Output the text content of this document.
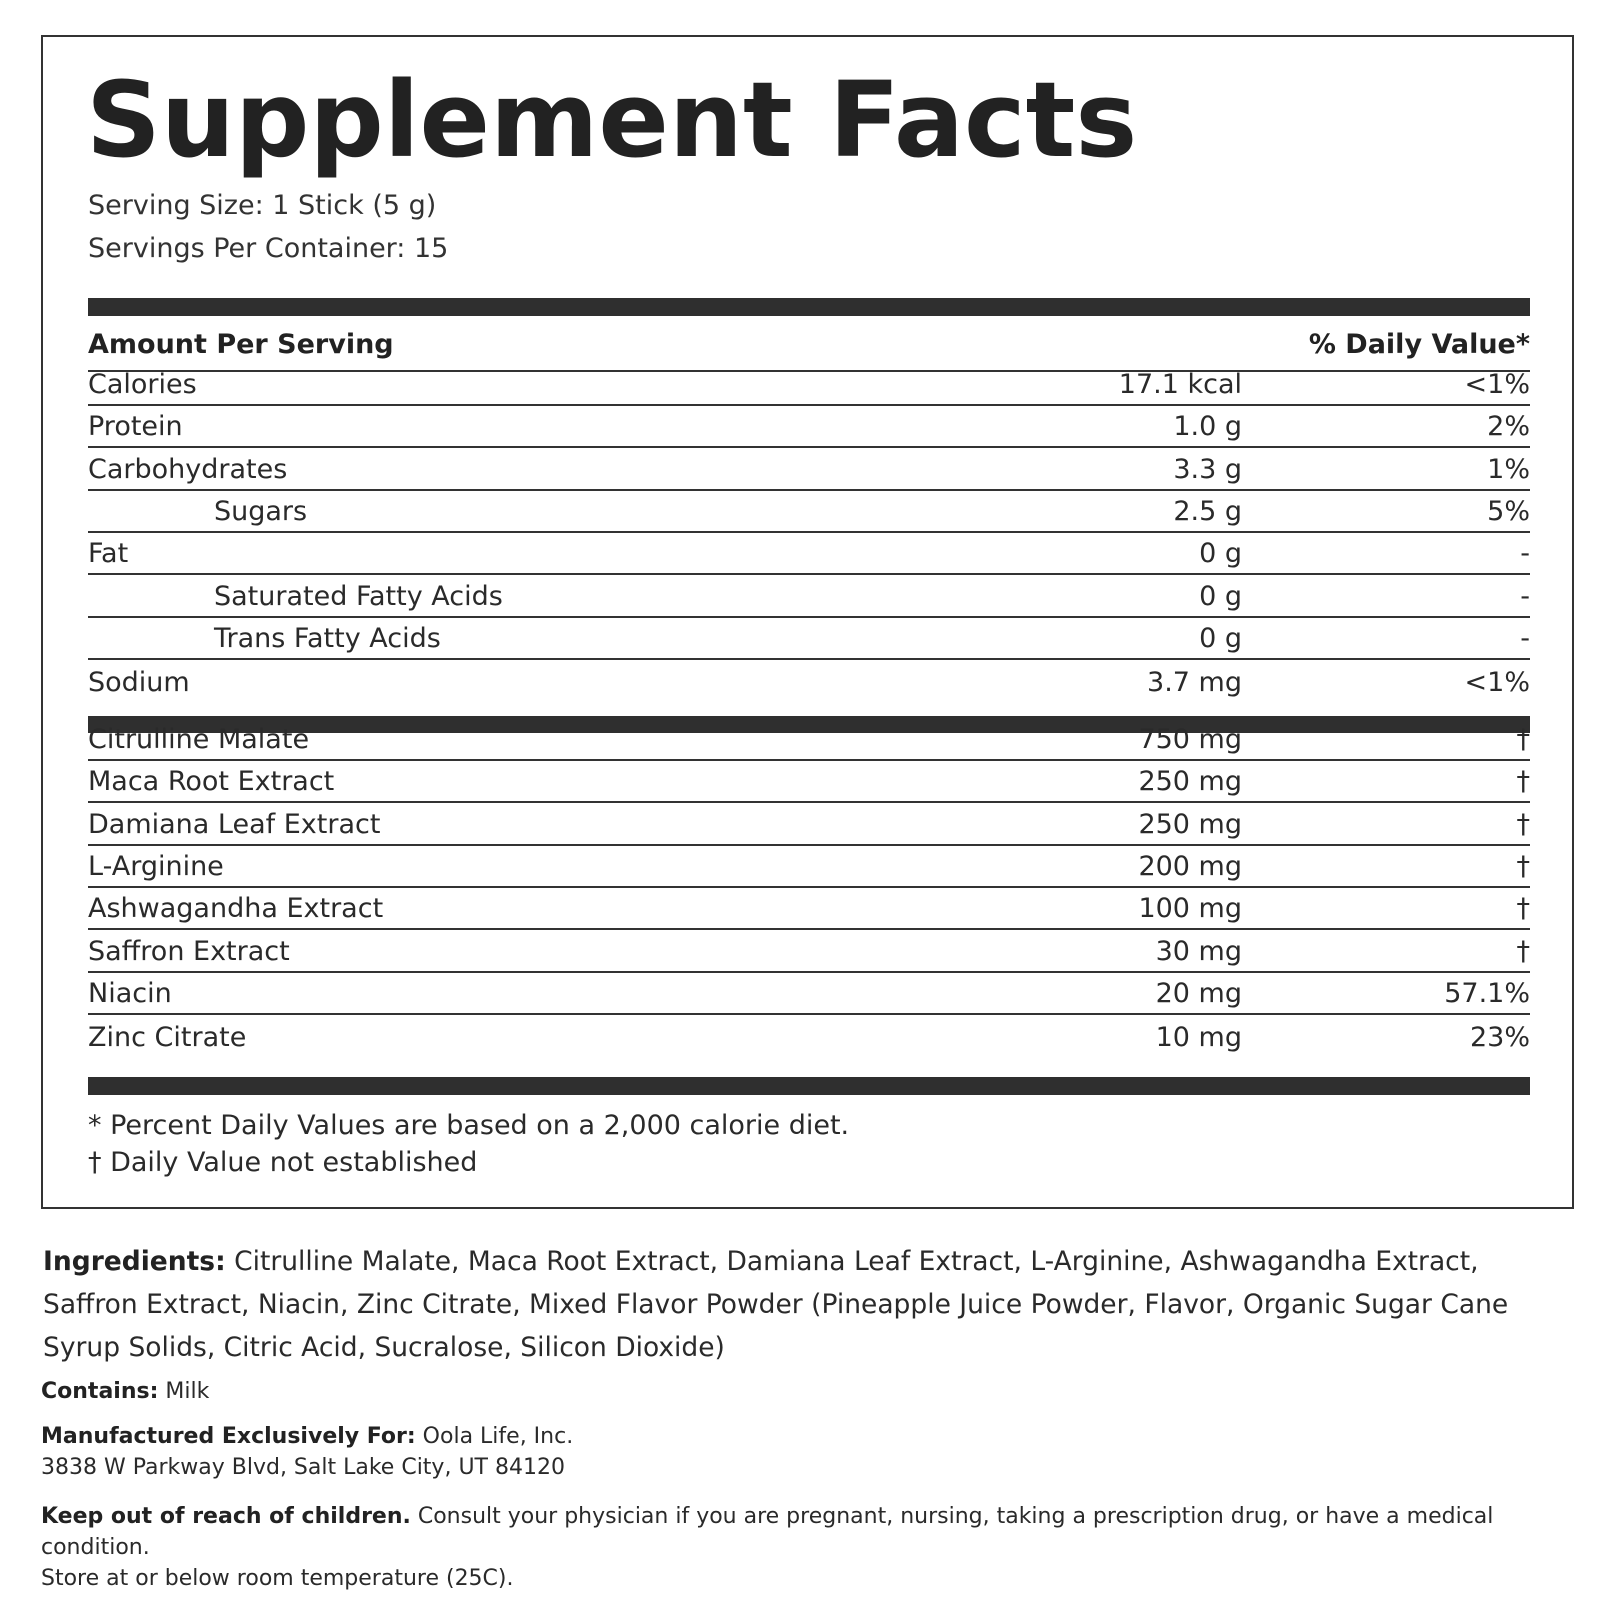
Supplement Facts
Serving Size: 1 Stick (5 g)
Servings Per Container: 15
Amount Per Serving	% Daily Value*
Calories	17.1 kcal	<1%
Protein	1.0 g	2%
Carbohydrates	3.3 g	1%
Sugars	2.5 g	5%
Fat	0 g	-
Saturated Fatty Acids	0 g	-
Trans Fatty Acids	0 g	-
Sodium	3.7 mg	<1%
Citrulline Malate	750 mg	†
Maca Root Extract	250 mg	†
Damiana Leaf Extract	250 mg	†
L-Arginine	200 mg	†
Ashwagandha Extract	100 mg	†
Saffron Extract	30 mg	†
Niacin	20 mg	57.1%
Zinc Citrate	10 mg	23%
* Percent Daily Values are based on a 2,000 calorie diet.
† Daily Value not established
Ingredients: Citrulline Malate, Maca Root Extract, Damiana Leaf Extract, L-Arginine, Ashwagandha Extract, Saffron Extract, Niacin, Zinc Citrate, Mixed Flavor Powder (Pineapple Juice Powder, Flavor, Organic Sugar Cane Syrup Solids, Citric Acid, Sucralose, Silicon Dioxide)
Contains: Milk
Manufactured Exclusively For: Oola Life, Inc.
3838 W Parkway Blvd, Salt Lake City, UT 84120
Keep out of reach of children. Consult your physician if you are pregnant, nursing, taking a prescription drug, or have a medical condition.
Store at or below room temperature (25C).
